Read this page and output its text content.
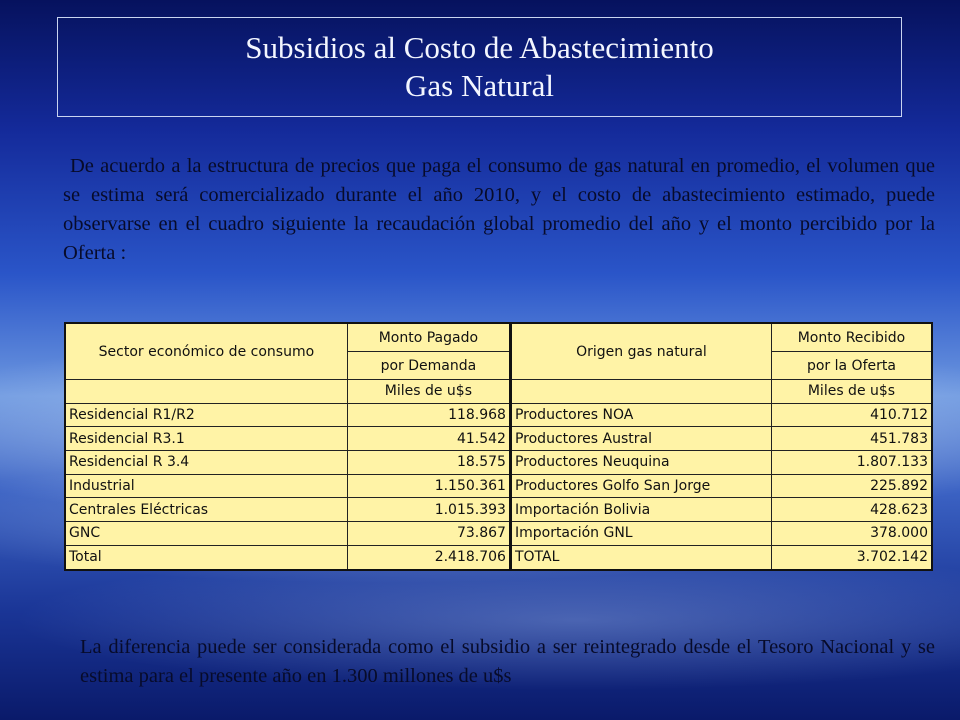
Subsidios al Costo de Abastecimiento
Gas Natural
De acuerdo a la estructura de precios que paga el consumo de gas natural en promedio, el volumen que se estima será comercializado durante el año 2010, y el costo de abastecimiento estimado, puede observarse en el cuadro siguiente la recaudación global promedio del año y el monto percibido por la Oferta :
Sector económico de consumo	Monto Pagado	Origen gas natural	Monto Recibido
	por Demanda		por la Oferta
	Miles de u$s		Miles de u$s
Residencial R1/R2	118.968	Productores NOA	410.712
Residencial R3.1	41.542	Productores Austral	451.783
Residencial R 3.4	18.575	Productores Neuquina	1.807.133
Industrial	1.150.361	Productores Golfo San Jorge	225.892
Centrales Eléctricas	1.015.393	Importación Bolivia	428.623
GNC	73.867	Importación GNL	378.000
Total	2.418.706	TOTAL	3.702.142
La diferencia puede ser considerada como el subsidio a ser reintegrado desde el Tesoro Nacional y se estima para el presente año en 1.300 millones de u$s
